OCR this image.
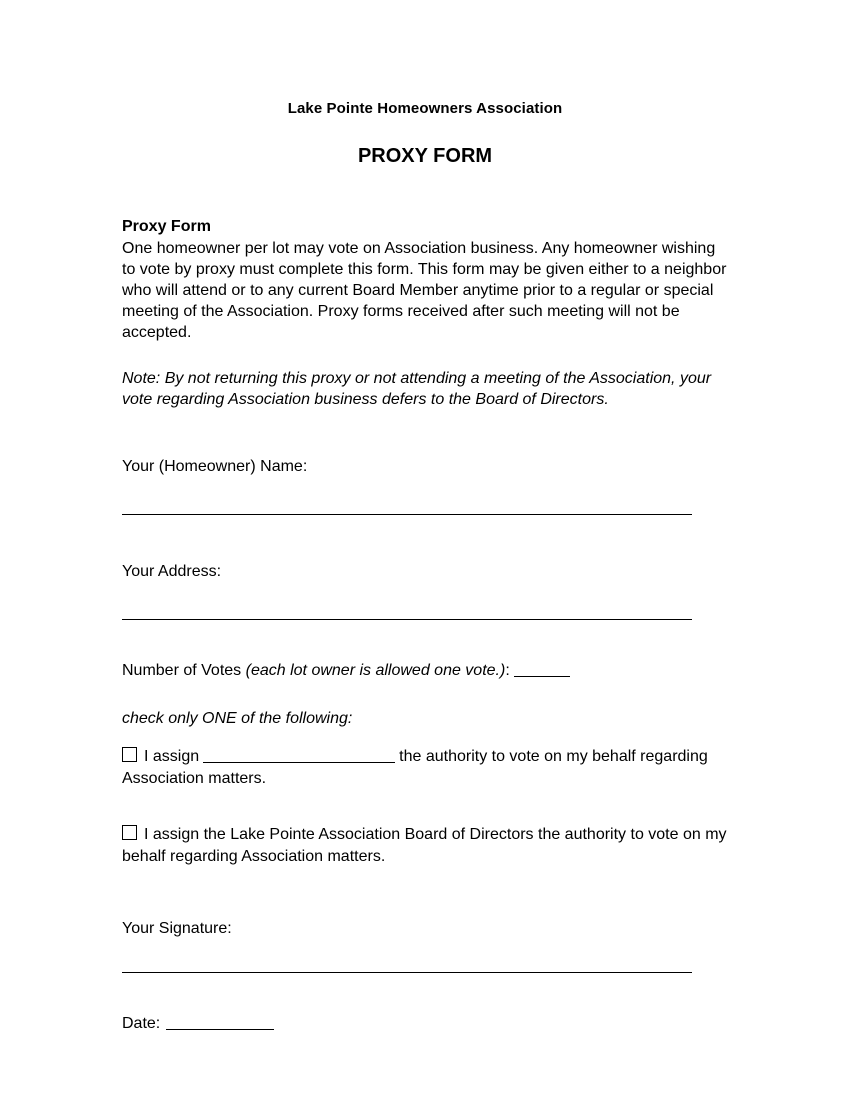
Lake Pointe Homeowners Association
PROXY FORM
Proxy Form

One homeowner per lot may vote on Association business. Any homeowner wishing to vote by proxy must complete this form. This form may be given either to a neighbor who will attend or to any current Board Member anytime prior to a regular or special meeting of the Association. Proxy forms received after such meeting will not be accepted.

Note: By not returning this proxy or not attending a meeting of the Association, your vote regarding Association business defers to the Board of Directors.

Your (Homeowner) Name:
Your Address:
Number of Votes (each lot owner is allowed one vote.):
check only ONE of the following:
I assign	the authority to vote on my behalf regarding Association matters.
I assign the Lake Pointe Association Board of Directors the authority to vote on my behalf regarding Association matters.
Your Signature:
Date:
